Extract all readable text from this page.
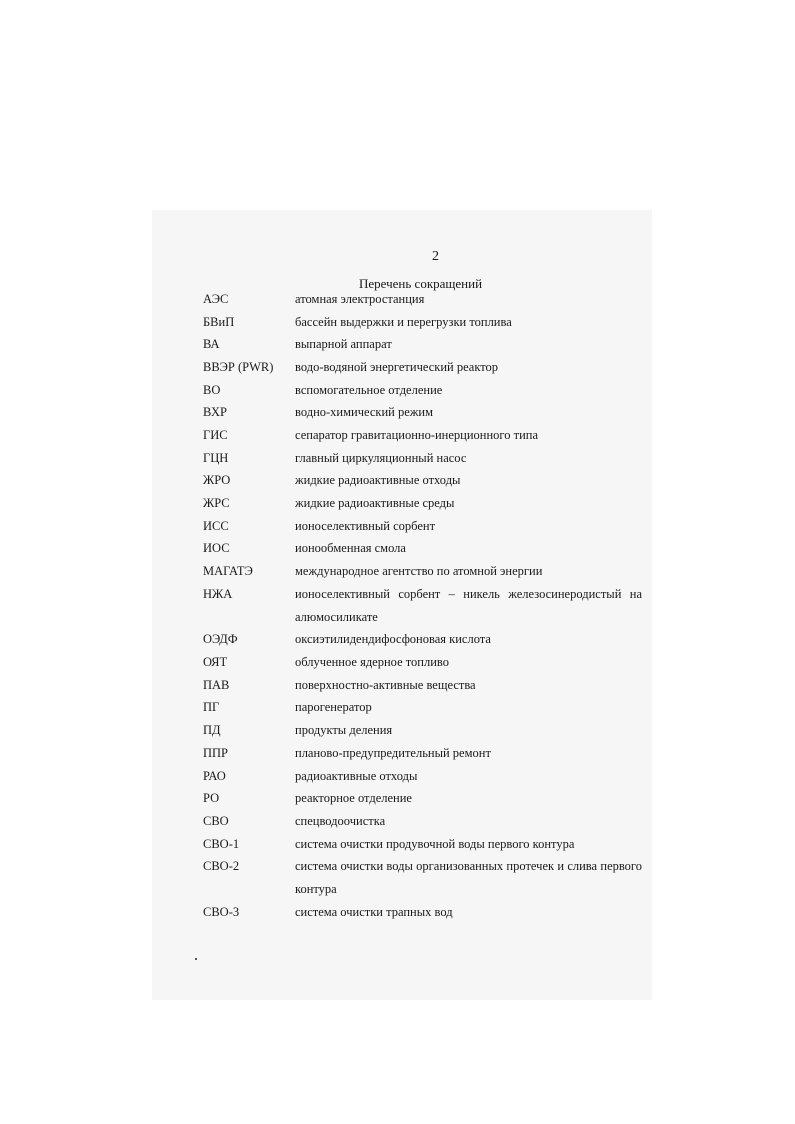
2
Перечень сокращений
АЭС	атомная электростанция
БВиП	бассейн выдержки и перегрузки топлива
ВА	выпарной аппарат
ВВЭР (PWR)	водо-водяной энергетический реактор
ВО	вспомогательное отделение
ВХР	водно-химический режим
ГИС	сепаратор гравитационно-инерционного типа
ГЦН	главный циркуляционный насос
ЖРО	жидкие радиоактивные отходы
ЖРС	жидкие радиоактивные среды
ИСС	ионоселективный сорбент
ИОС	ионообменная смола
МАГАТЭ	международное агентство по атомной энергии
НЖА	ионоселективный сорбент – никель железосинеродистый на алюмосиликате
ОЭДФ	оксиэтилидендифосфоновая кислота
ОЯТ	облученное ядерное топливо
ПАВ	поверхностно-активные вещества
ПГ	парогенератор
ПД	продукты деления
ППР	планово-предупредительный ремонт
РАО	радиоактивные отходы
РО	реакторное отделение
СВО	спецводоочистка
СВО-1	система очистки продувочной воды первого контура
СВО-2	система очистки воды организованных протечек и слива первого контура
СВО-3	система очистки трапных вод
